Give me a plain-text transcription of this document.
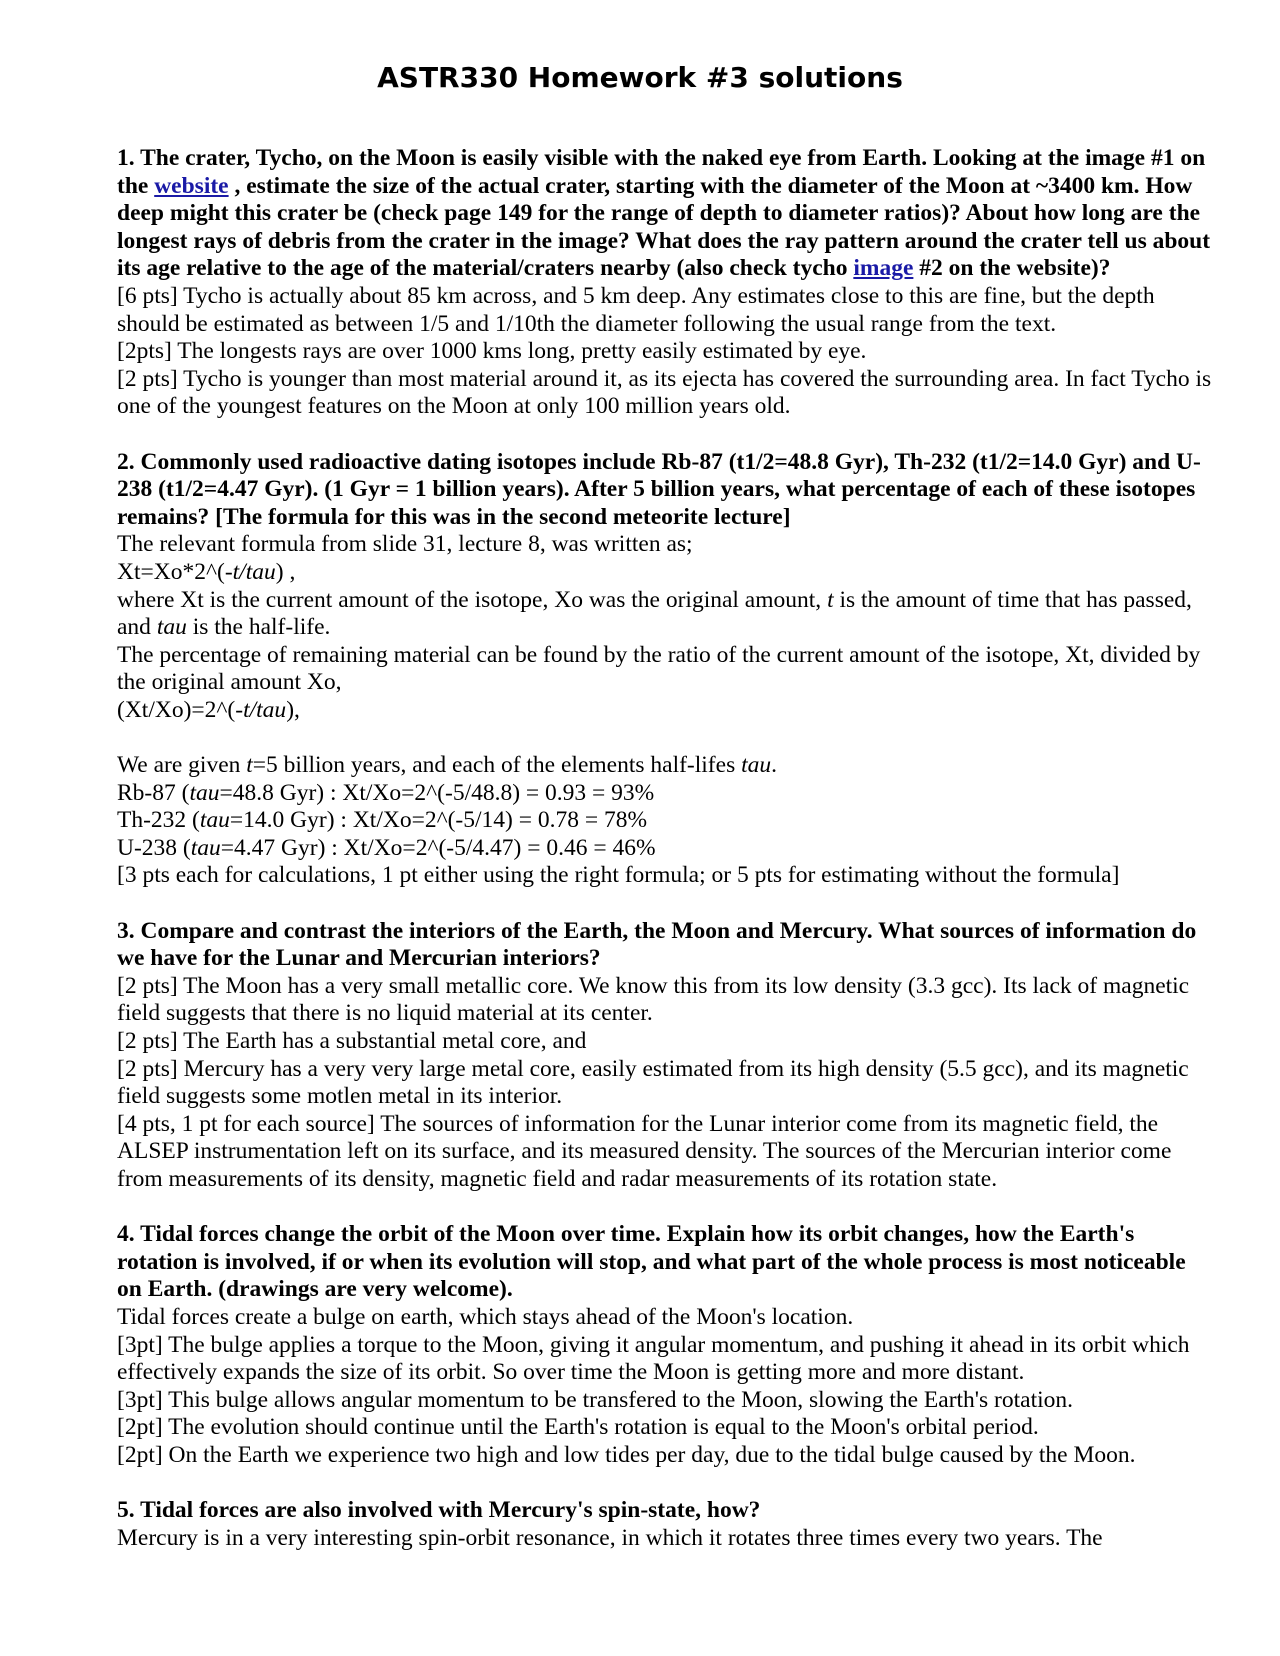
ASTR330 Homework #3 solutions

1. The crater, Tycho, on the Moon is easily visible with the naked eye from Earth. Looking at the image #1 on the website , estimate the size of the actual crater, starting with the diameter of the Moon at ~3400 km. How deep might this crater be (check page 149 for the range of depth to diameter ratios)? About how long are the longest rays of debris from the crater in the image? What does the ray pattern around the crater tell us about its age relative to the age of the material/craters nearby (also check tycho image #2 on the website)?

[6 pts] Tycho is actually about 85 km across, and 5 km deep. Any estimates close to this are fine, but the depth should be estimated as between 1/5 and 1/10th the diameter following the usual range from the text.

[2pts] The longests rays are over 1000 kms long, pretty easily estimated by eye.

[2 pts] Tycho is younger than most material around it, as its ejecta has covered the surrounding area. In fact Tycho is one of the youngest features on the Moon at only 100 million years old.

2. Commonly used radioactive dating isotopes include Rb-87 (t1/2=48.8 Gyr), Th-232 (t1/2=14.0 Gyr) and U-238 (t1/2=4.47 Gyr). (1 Gyr = 1 billion years). After 5 billion years, what percentage of each of these isotopes remains? [The formula for this was in the second meteorite lecture]

The relevant formula from slide 31, lecture 8, was written as;

Xt=Xo*2^(-t/tau) ,

where Xt is the current amount of the isotope, Xo was the original amount, t is the amount of time that has passed, and tau is the half-life.

The percentage of remaining material can be found by the ratio of the current amount of the isotope, Xt, divided by the original amount Xo,

(Xt/Xo)=2^(-t/tau),

We are given t=5 billion years, and each of the elements half-lifes tau.

Rb-87 (tau=48.8 Gyr) : Xt/Xo=2^(-5/48.8) = 0.93 = 93%

Th-232 (tau=14.0 Gyr) : Xt/Xo=2^(-5/14) = 0.78 = 78%

U-238 (tau=4.47 Gyr) : Xt/Xo=2^(-5/4.47) = 0.46 = 46%

[3 pts each for calculations, 1 pt either using the right formula; or 5 pts for estimating without the formula]

3. Compare and contrast the interiors of the Earth, the Moon and Mercury. What sources of information do we have for the Lunar and Mercurian interiors?

[2 pts] The Moon has a very small metallic core. We know this from its low density (3.3 gcc). Its lack of magnetic field suggests that there is no liquid material at its center.

[2 pts] The Earth has a substantial metal core, and

[2 pts] Mercury has a very very large metal core, easily estimated from its high density (5.5 gcc), and its magnetic field suggests some motlen metal in its interior.

[4 pts, 1 pt for each source] The sources of information for the Lunar interior come from its magnetic field, the ALSEP instrumentation left on its surface, and its measured density. The sources of the Mercurian interior come from measurements of its density, magnetic field and radar measurements of its rotation state.

4. Tidal forces change the orbit of the Moon over time. Explain how its orbit changes, how the Earth's rotation is involved, if or when its evolution will stop, and what part of the whole process is most noticeable on Earth. (drawings are very welcome).

Tidal forces create a bulge on earth, which stays ahead of the Moon's location.

[3pt] The bulge applies a torque to the Moon, giving it angular momentum, and pushing it ahead in its orbit which effectively expands the size of its orbit. So over time the Moon is getting more and more distant.

[3pt] This bulge allows angular momentum to be transfered to the Moon, slowing the Earth's rotation.

[2pt] The evolution should continue until the Earth's rotation is equal to the Moon's orbital period.

[2pt] On the Earth we experience two high and low tides per day, due to the tidal bulge caused by the Moon.

5. Tidal forces are also involved with Mercury's spin-state, how?

Mercury is in a very interesting spin-orbit resonance, in which it rotates three times every two years. The
